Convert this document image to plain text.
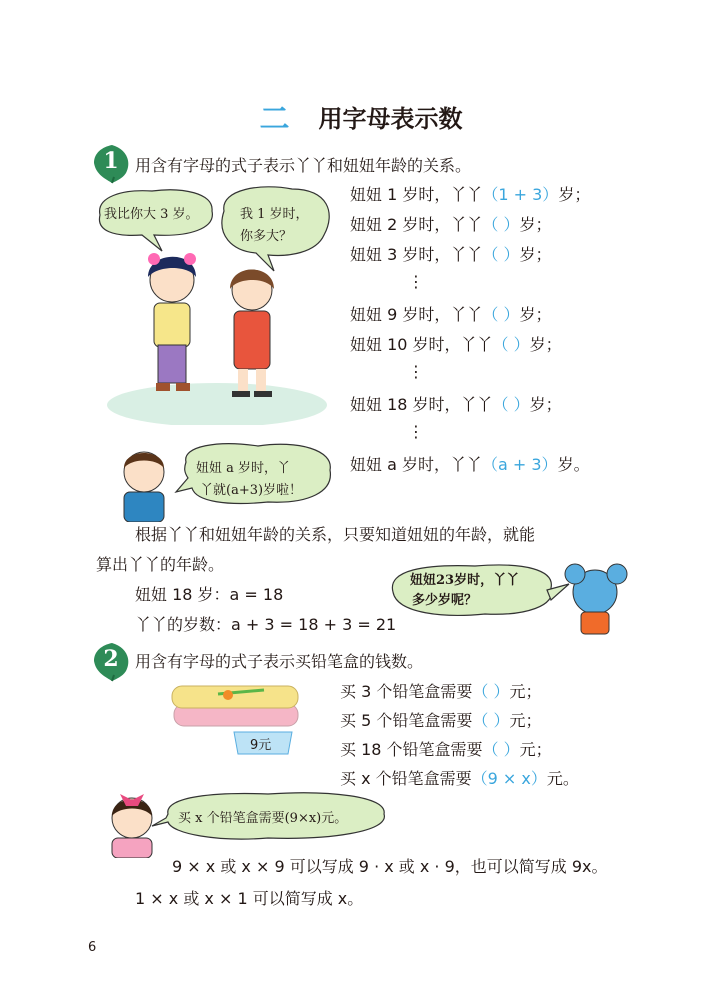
二 用字母表示数
1	用含有字母的式子表示丫丫和妞妞年龄的关系。
我比你大 3 岁。	我 1 岁时，
你多大？
妞妞 a 岁时，丫
丫就(a+3)岁啦！
妞妞 1 岁时，丫丫（1 + 3）岁；
妞妞 2 岁时，丫丫（ ）岁；
妞妞 3 岁时，丫丫（ ）岁；
⋮
妞妞 9 岁时，丫丫（ ）岁；
妞妞 10 岁时，丫丫（ ）岁；
⋮
妞妞 18 岁时，丫丫（ ）岁；
⋮
妞妞 a 岁时，丫丫（a + 3）岁。
根据丫丫和妞妞年龄的关系，只要知道妞妞的年龄，就能
算出丫丫的年龄。
妞妞 18 岁：a = 18
丫丫的岁数：a + 3 = 18 + 3 = 21
妞妞23岁时，丫丫
多少岁呢？
2	用含有字母的式子表示买铅笔盒的钱数。
9元
买 3 个铅笔盒需要（ ）元；
买 5 个铅笔盒需要（ ）元；
买 18 个铅笔盒需要（ ）元；
买 x 个铅笔盒需要（9 × x）元。
买 x 个铅笔盒需要(9×x)元。
9 × x 或 x × 9 可以写成 9 · x 或 x · 9，也可以简写成 9x。
1 × x 或 x × 1 可以简写成 x。
6
